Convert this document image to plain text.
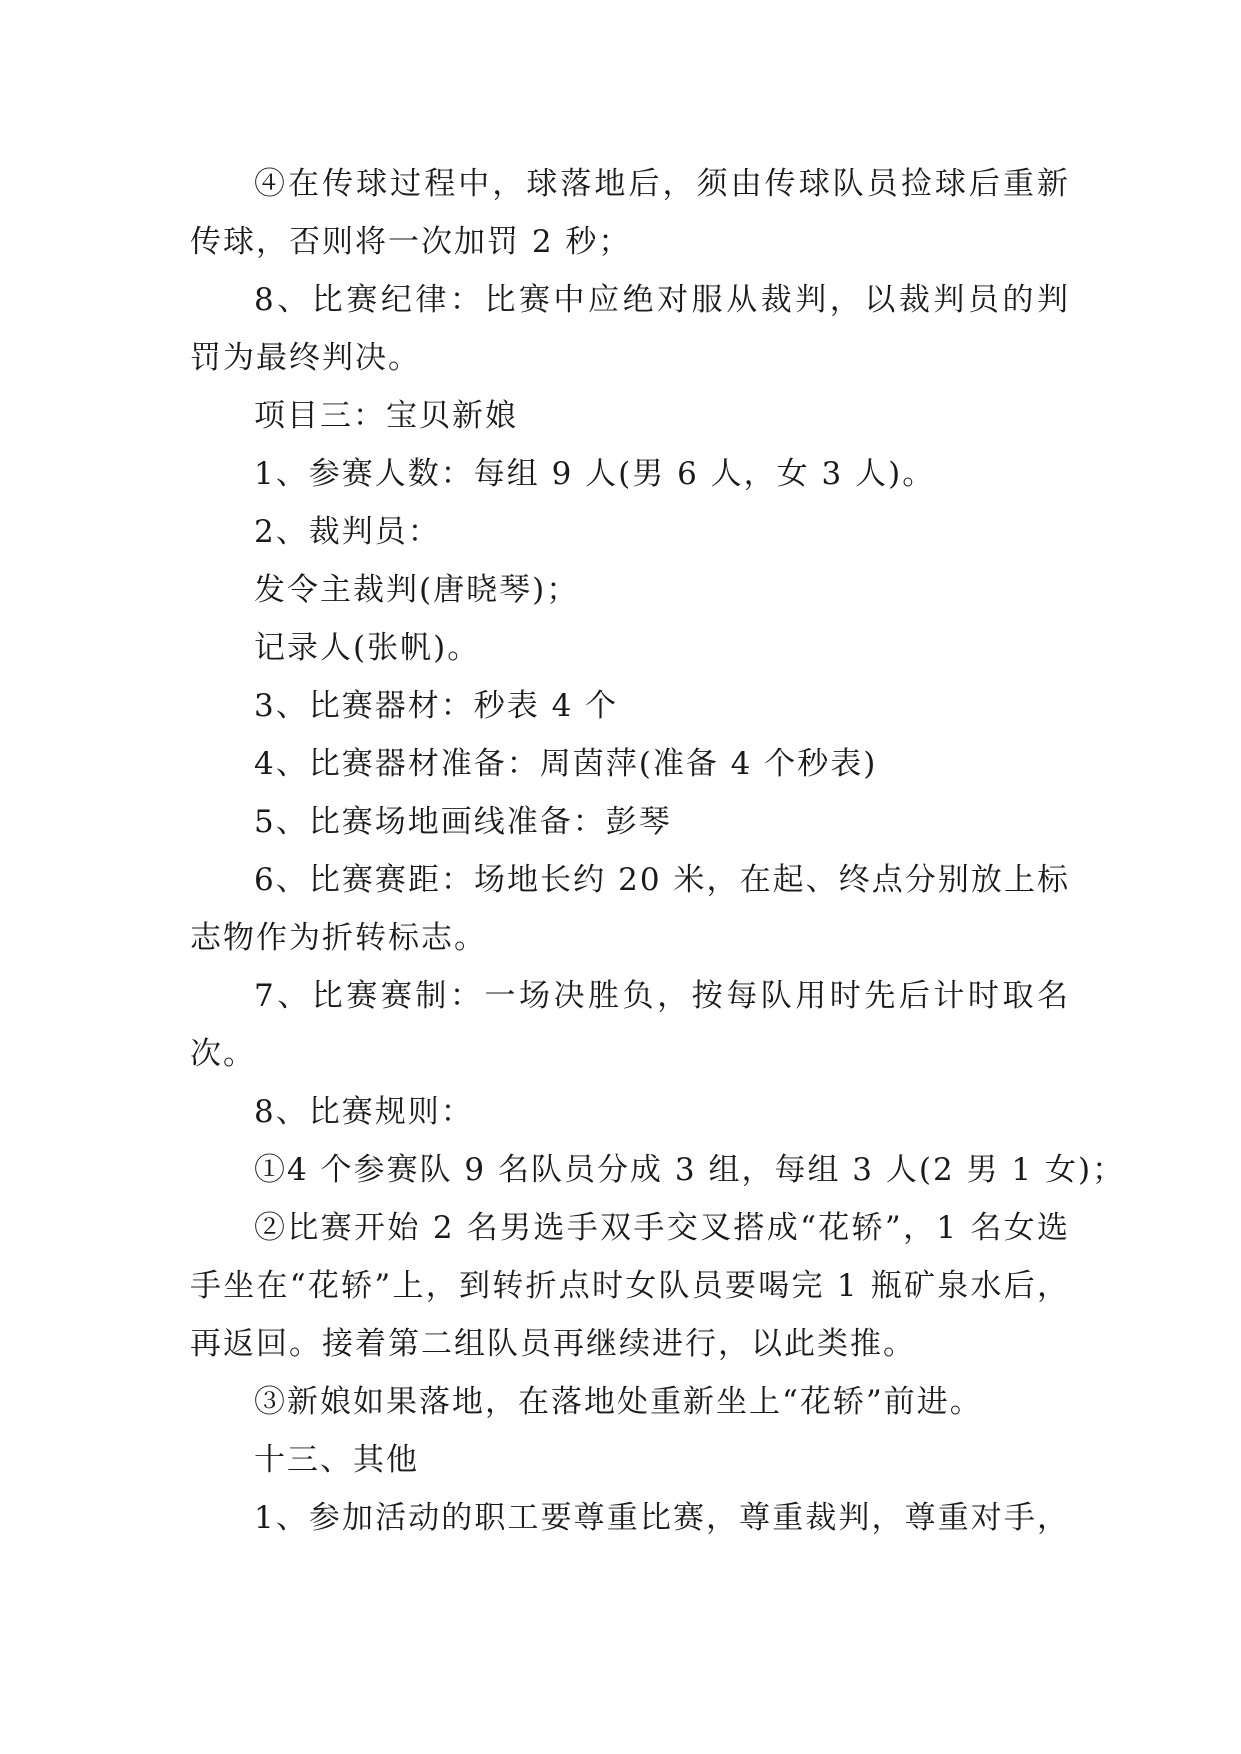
④在传球过程中，球落地后，须由传球队员捡球后重新
传球，否则将一次加罚 2 秒；
8、比赛纪律：比赛中应绝对服从裁判，以裁判员的判
罚为最终判决。
项目三：宝贝新娘
1、参赛人数：每组 9 人(男 6 人，女 3 人)。
2、裁判员：
发令主裁判(唐晓琴)；
记录人(张帆)。
3、比赛器材：秒表 4 个
4、比赛器材准备：周茵萍(准备 4 个秒表)
5、比赛场地画线准备：彭琴
6、比赛赛距：场地长约 20 米，在起、终点分别放上标
志物作为折转标志。
7、比赛赛制：一场决胜负，按每队用时先后计时取名
次。
8、比赛规则：
①4 个参赛队 9 名队员分成 3 组，每组 3 人(2 男 1 女)；
②比赛开始 2 名男选手双手交叉搭成“花轿”，1 名女选
手坐在“花轿”上，到转折点时女队员要喝完 1 瓶矿泉水后，
再返回。接着第二组队员再继续进行，以此类推。
③新娘如果落地，在落地处重新坐上“花轿”前进。
十三、其他
1、参加活动的职工要尊重比赛，尊重裁判，尊重对手，
